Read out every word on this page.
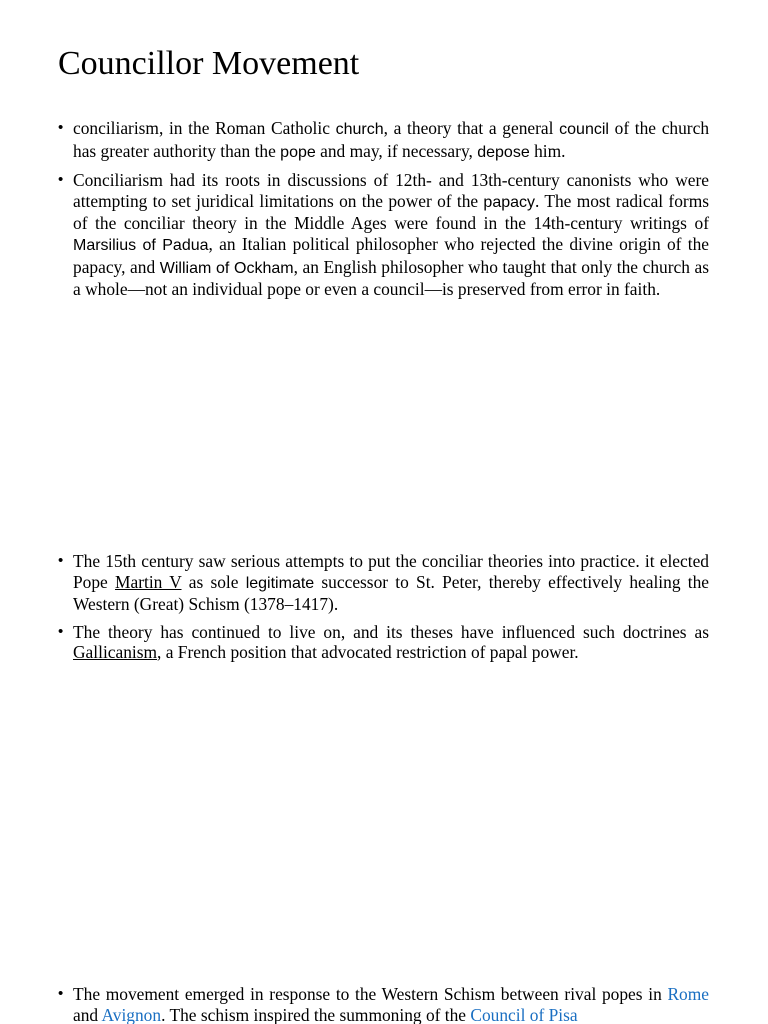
Councillor Movement
• conciliarism, in the Roman Catholic church, a theory that a general council of the church has greater authority than the pope and may, if necessary, depose him.
• Conciliarism had its roots in discussions of 12th- and 13th-century canonists who were attempting to set juridical limitations on the power of the papacy. The most radical forms of the conciliar theory in the Middle Ages were found in the 14th-century writings of Marsilius of Padua, an Italian political philosopher who rejected the divine origin of the papacy, and William of Ockham, an English philosopher who taught that only the church as a whole—not an individual pope or even a council—is preserved from error in faith.
• The 15th century saw serious attempts to put the conciliar theories into practice. it elected Pope Martin V as sole legitimate successor to St. Peter, thereby effectively healing the Western (Great) Schism (1378–1417).
• The theory has continued to live on, and its theses have influenced such doctrines as Gallicanism, a French position that advocated restriction of papal power.
• The movement emerged in response to the Western Schism between rival popes in Rome and Avignon. The schism inspired the summoning of the Council of Pisa
